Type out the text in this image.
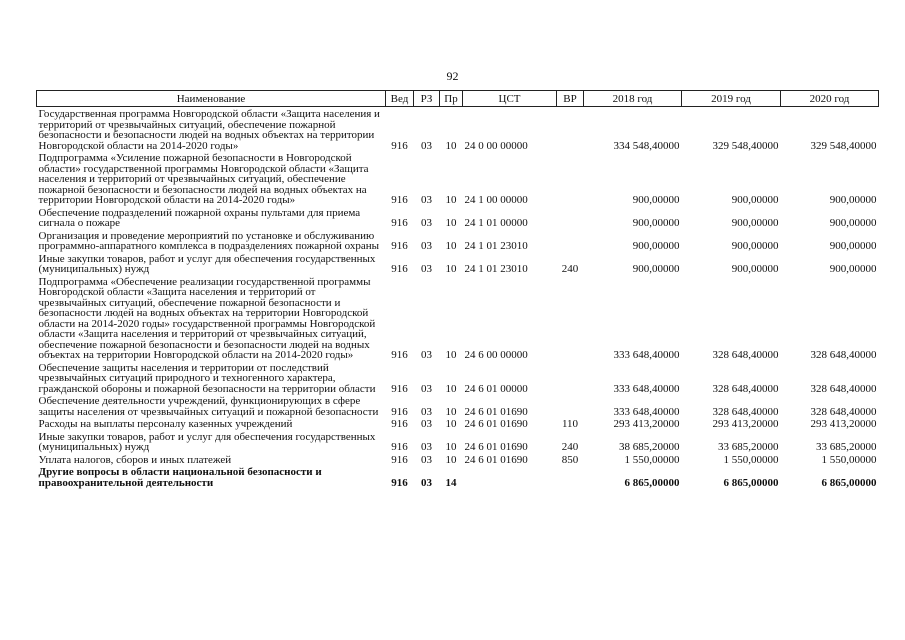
92
Наименование	Вед	РЗ	Пр	ЦСТ	ВР	2018 год	2019 год	2020 год
Государственная программа Новгородской области «Защита населения и территорий от чрезвычайных ситуаций, обеспечение пожарной безопасности и безопасности людей на водных объектах на территории Новгородской области на 2014-2020 годы»	916	03	10	24 0 00 00000		334 548,40000	329 548,40000	329 548,40000
Подпрограмма «Усиление пожарной безопасности в Новгородской области» государственной программы Новгородской области «Защита населения и территорий от чрезвычайных ситуаций, обеспечение пожарной безопасности и безопасности людей на водных объектах на территории Новгородской области на 2014-2020 годы»	916	03	10	24 1 00 00000		900,00000	900,00000	900,00000
Обеспечение подразделений пожарной охраны пультами для приема сигнала о пожаре	916	03	10	24 1 01 00000		900,00000	900,00000	900,00000
Организация и проведение мероприятий по установке и обслуживанию программно-аппаратного комплекса в подразделениях пожарной охраны	916	03	10	24 1 01 23010		900,00000	900,00000	900,00000
Иные закупки товаров, работ и услуг для обеспечения государственных (муниципальных) нужд	916	03	10	24 1 01 23010	240	900,00000	900,00000	900,00000
Подпрограмма «Обеспечение реализации государственной программы Новгородской области «Защита населения и территорий от чрезвычайных ситуаций, обеспечение пожарной безопасности и безопасности людей на водных объектах на территории Новгородской области на 2014-2020 годы» государственной программы Новгородской области «Защита населения и территорий от чрезвычайных ситуаций, обеспечение пожарной безопасности и безопасности людей на водных объектах на территории Новгородской области на 2014-2020 годы»	916	03	10	24 6 00 00000		333 648,40000	328 648,40000	328 648,40000
Обеспечение защиты населения и территории от последствий чрезвычайных ситуаций природного и техногенного характера, гражданской обороны и пожарной безопасности на территории области	916	03	10	24 6 01 00000		333 648,40000	328 648,40000	328 648,40000
Обеспечение деятельности учреждений, функционирующих в сфере защиты населения от чрезвычайных ситуаций и пожарной безопасности	916	03	10	24 6 01 01690		333 648,40000	328 648,40000	328 648,40000
Расходы на выплаты персоналу казенных учреждений	916	03	10	24 6 01 01690	110	293 413,20000	293 413,20000	293 413,20000
Иные закупки товаров, работ и услуг для обеспечения государственных (муниципальных) нужд	916	03	10	24 6 01 01690	240	38 685,20000	33 685,20000	33 685,20000
Уплата налогов, сборов и иных платежей	916	03	10	24 6 01 01690	850	1 550,00000	1 550,00000	1 550,00000
Другие вопросы в области национальной безопасности и правоохранительной деятельности	916	03	14			6 865,00000	6 865,00000	6 865,00000
